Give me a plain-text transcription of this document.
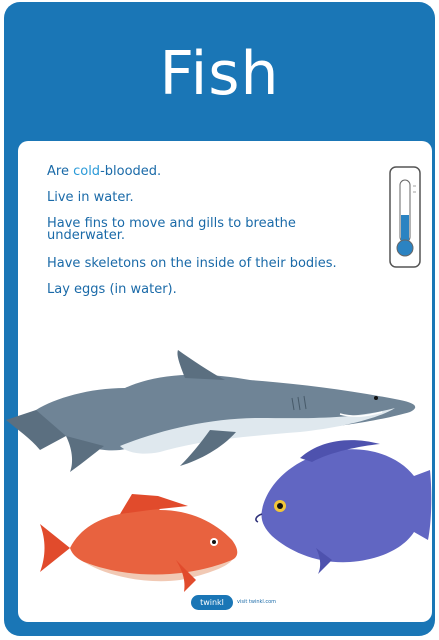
Fish
Are cold-blooded.
Live in water.
Have fins to move and gills to breathe underwater.
Have skeletons on the inside of their bodies.
Lay eggs (in water).
twinkl	visit twinkl.com
